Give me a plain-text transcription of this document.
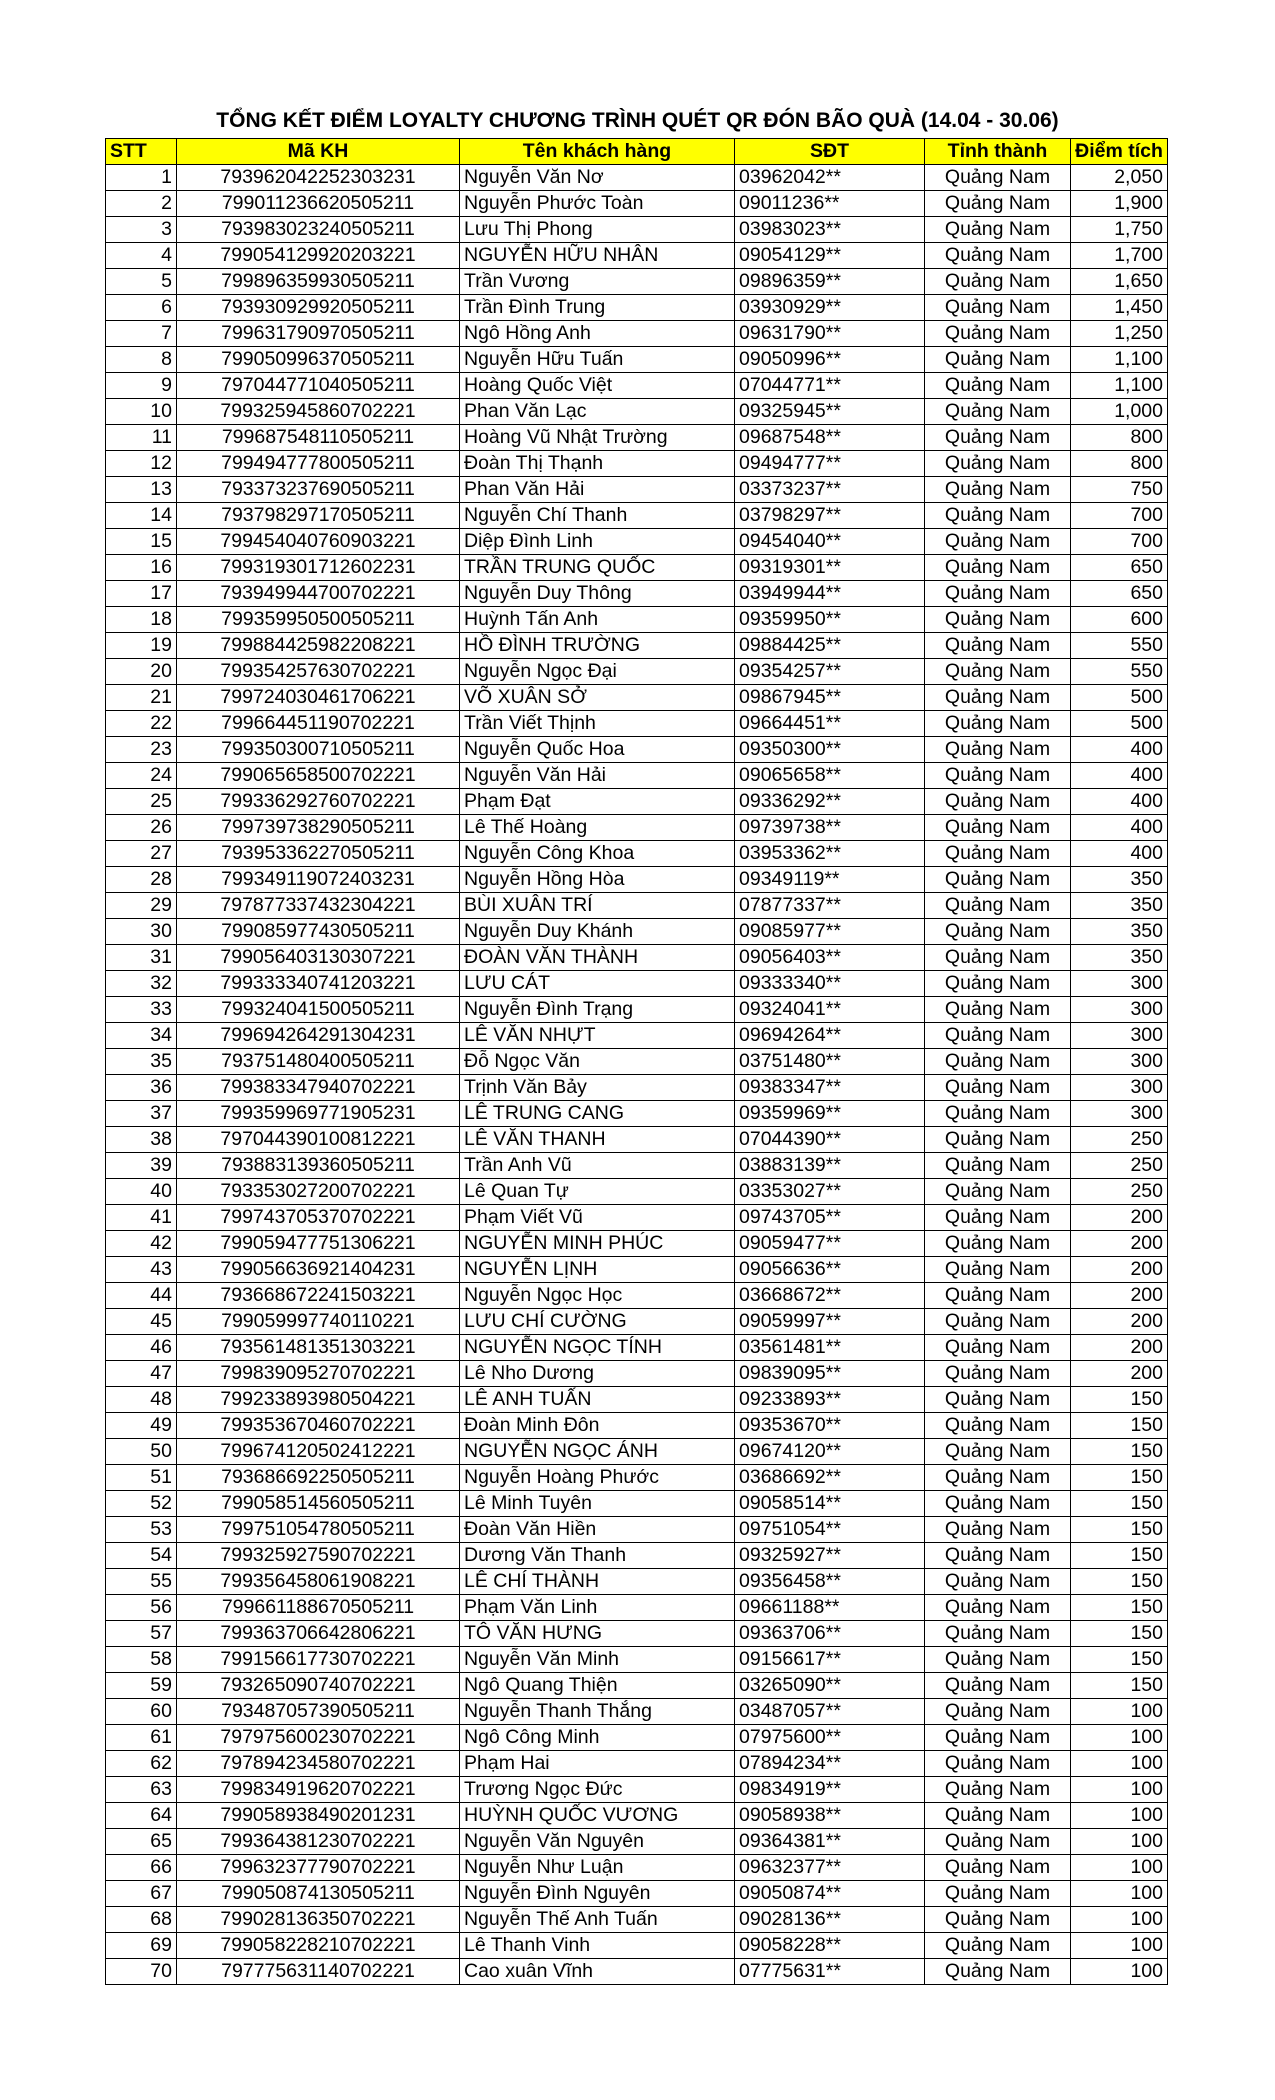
TỔNG KẾT ĐIỂM LOYALTY CHƯƠNG TRÌNH QUÉT QR ĐÓN BÃO QUÀ (14.04 - 30.06)
STT	Mã KH	Tên khách hàng	SĐT	Tỉnh thành	Điểm tích
1	793962042252303231	Nguyễn Văn Nơ	03962042**	Quảng Nam	2,050
2	799011236620505211	Nguyễn Phước Toàn	09011236**	Quảng Nam	1,900
3	793983023240505211	Lưu Thị Phong	03983023**	Quảng Nam	1,750
4	799054129920203221	NGUYỄN HỮU NHÂN	09054129**	Quảng Nam	1,700
5	799896359930505211	Trần Vương	09896359**	Quảng Nam	1,650
6	793930929920505211	Trần Đình Trung	03930929**	Quảng Nam	1,450
7	799631790970505211	Ngô Hồng Anh	09631790**	Quảng Nam	1,250
8	799050996370505211	Nguyễn Hữu Tuấn	09050996**	Quảng Nam	1,100
9	797044771040505211	Hoàng Quốc Việt	07044771**	Quảng Nam	1,100
10	799325945860702221	Phan Văn Lạc	09325945**	Quảng Nam	1,000
11	799687548110505211	Hoàng Vũ Nhật Trường	09687548**	Quảng Nam	800
12	799494777800505211	Đoàn Thị Thạnh	09494777**	Quảng Nam	800
13	793373237690505211	Phan Văn Hải	03373237**	Quảng Nam	750
14	793798297170505211	Nguyễn Chí Thanh	03798297**	Quảng Nam	700
15	799454040760903221	Diệp Đình Linh	09454040**	Quảng Nam	700
16	799319301712602231	TRẦN TRUNG QUỐC	09319301**	Quảng Nam	650
17	793949944700702221	Nguyễn Duy Thông	03949944**	Quảng Nam	650
18	799359950500505211	Huỳnh Tấn Anh	09359950**	Quảng Nam	600
19	799884425982208221	HỒ ĐÌNH TRƯỜNG	09884425**	Quảng Nam	550
20	799354257630702221	Nguyễn Ngọc Đại	09354257**	Quảng Nam	550
21	799724030461706221	VÕ XUÂN SỞ	09867945**	Quảng Nam	500
22	799664451190702221	Trần Viết Thịnh	09664451**	Quảng Nam	500
23	799350300710505211	Nguyễn Quốc Hoa	09350300**	Quảng Nam	400
24	799065658500702221	Nguyễn Văn Hải	09065658**	Quảng Nam	400
25	799336292760702221	Phạm Đạt	09336292**	Quảng Nam	400
26	799739738290505211	Lê Thế Hoàng	09739738**	Quảng Nam	400
27	793953362270505211	Nguyễn Công Khoa	03953362**	Quảng Nam	400
28	799349119072403231	Nguyễn Hồng Hòa	09349119**	Quảng Nam	350
29	797877337432304221	BÙI XUÂN TRÍ	07877337**	Quảng Nam	350
30	799085977430505211	Nguyễn Duy Khánh	09085977**	Quảng Nam	350
31	799056403130307221	ĐOÀN VĂN THÀNH	09056403**	Quảng Nam	350
32	799333340741203221	LƯU CÁT	09333340**	Quảng Nam	300
33	799324041500505211	Nguyễn Đình Trạng	09324041**	Quảng Nam	300
34	799694264291304231	LÊ VĂN NHỰT	09694264**	Quảng Nam	300
35	793751480400505211	Đỗ Ngọc Văn	03751480**	Quảng Nam	300
36	799383347940702221	Trịnh Văn Bảy	09383347**	Quảng Nam	300
37	799359969771905231	LÊ TRUNG CANG	09359969**	Quảng Nam	300
38	797044390100812221	LÊ VĂN THANH	07044390**	Quảng Nam	250
39	793883139360505211	Trần Anh Vũ	03883139**	Quảng Nam	250
40	793353027200702221	Lê Quan Tự	03353027**	Quảng Nam	250
41	799743705370702221	Phạm Viết Vũ	09743705**	Quảng Nam	200
42	799059477751306221	NGUYỄN MINH PHÚC	09059477**	Quảng Nam	200
43	799056636921404231	NGUYỄN LỊNH	09056636**	Quảng Nam	200
44	793668672241503221	Nguyễn Ngọc Học	03668672**	Quảng Nam	200
45	799059997740110221	LƯU CHÍ CƯỜNG	09059997**	Quảng Nam	200
46	793561481351303221	NGUYỄN NGỌC TÍNH	03561481**	Quảng Nam	200
47	799839095270702221	Lê Nho Dương	09839095**	Quảng Nam	200
48	799233893980504221	LÊ ANH TUẤN	09233893**	Quảng Nam	150
49	799353670460702221	Đoàn Minh Đôn	09353670**	Quảng Nam	150
50	799674120502412221	NGUYỄN NGỌC ÁNH	09674120**	Quảng Nam	150
51	793686692250505211	Nguyễn Hoàng Phước	03686692**	Quảng Nam	150
52	799058514560505211	Lê Minh Tuyên	09058514**	Quảng Nam	150
53	799751054780505211	Đoàn Văn Hiền	09751054**	Quảng Nam	150
54	799325927590702221	Dương Văn Thanh	09325927**	Quảng Nam	150
55	799356458061908221	LÊ CHÍ THÀNH	09356458**	Quảng Nam	150
56	799661188670505211	Phạm Văn Linh	09661188**	Quảng Nam	150
57	799363706642806221	TÔ VĂN HƯNG	09363706**	Quảng Nam	150
58	799156617730702221	Nguyễn Văn Minh	09156617**	Quảng Nam	150
59	793265090740702221	Ngô Quang Thiện	03265090**	Quảng Nam	150
60	793487057390505211	Nguyễn Thanh Thắng	03487057**	Quảng Nam	100
61	797975600230702221	Ngô Công Minh	07975600**	Quảng Nam	100
62	797894234580702221	Phạm Hai	07894234**	Quảng Nam	100
63	799834919620702221	Trương Ngọc Đức	09834919**	Quảng Nam	100
64	799058938490201231	HUỲNH QUỐC VƯƠNG	09058938**	Quảng Nam	100
65	799364381230702221	Nguyễn Văn Nguyên	09364381**	Quảng Nam	100
66	799632377790702221	Nguyễn Như Luận	09632377**	Quảng Nam	100
67	799050874130505211	Nguyễn Đình Nguyên	09050874**	Quảng Nam	100
68	799028136350702221	Nguyễn Thế Anh Tuấn	09028136**	Quảng Nam	100
69	799058228210702221	Lê Thanh Vinh	09058228**	Quảng Nam	100
70	797775631140702221	Cao xuân Vĩnh	07775631**	Quảng Nam	100
